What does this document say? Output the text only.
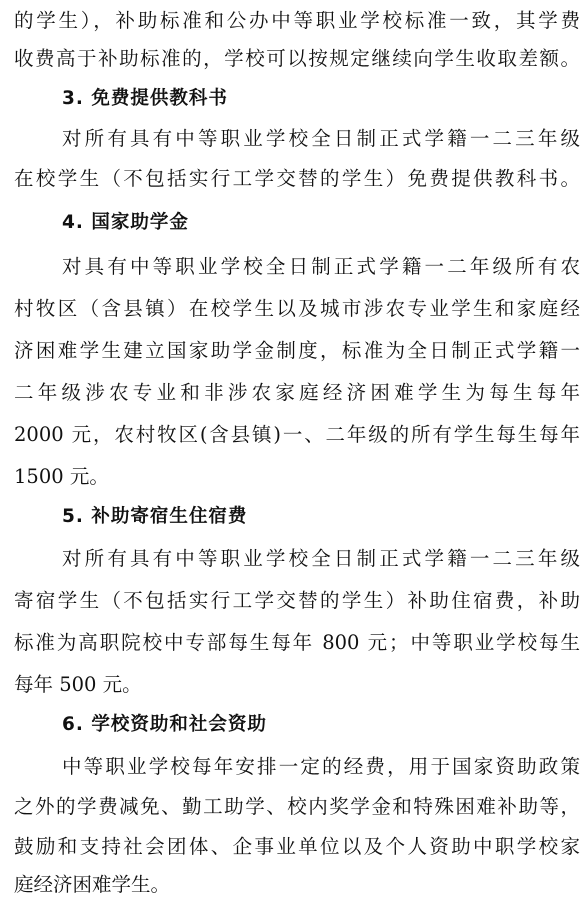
的学生），补助标准和公办中等职业学校标准一致，其学费
收费高于补助标准的，学校可以按规定继续向学生收取差额。
3. 免费提供教科书
对所有具有中等职业学校全日制正式学籍一二三年级
在校学生（不包括实行工学交替的学生）免费提供教科书。
4. 国家助学金
对具有中等职业学校全日制正式学籍一二年级所有农
村牧区（含县镇）在校学生以及城市涉农专业学生和家庭经
济困难学生建立国家助学金制度，标准为全日制正式学籍一
二年级涉农专业和非涉农家庭经济困难学生为每生每年
2000 元，农村牧区(含县镇)一、二年级的所有学生每生每年
1500 元。
5. 补助寄宿生住宿费
对所有具有中等职业学校全日制正式学籍一二三年级
寄宿学生（不包括实行工学交替的学生）补助住宿费，补助
标准为高职院校中专部每生每年 800 元；中等职业学校每生
每年 500 元。
6. 学校资助和社会资助
中等职业学校每年安排一定的经费，用于国家资助政策
之外的学费减免、勤工助学、校内奖学金和特殊困难补助等，
鼓励和支持社会团体、企事业单位以及个人资助中职学校家
庭经济困难学生。
